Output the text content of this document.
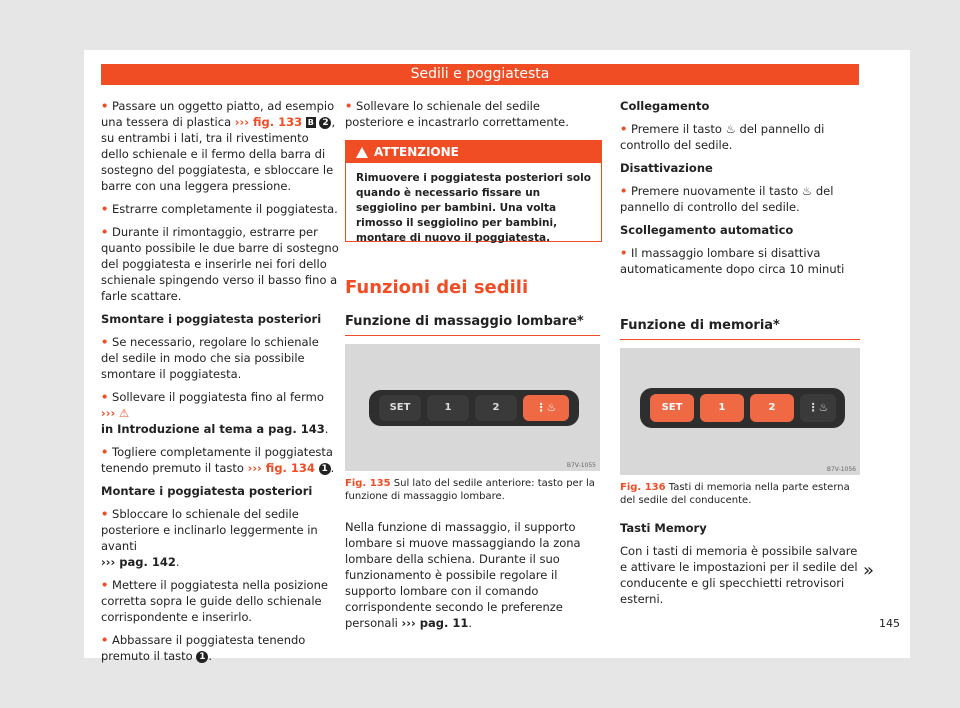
Sedili e poggiatesta

• Passare un oggetto piatto, ad esempio una tessera di plastica ››› fig. 133 B 2 , su entrambi i lati, tra il rivestimento dello schienale e il fermo della barra di sostegno del poggiatesta, e sbloccare le barre con una leggera pressione.

• Estrarre completamente il poggiatesta.

• Durante il rimontaggio, estrarre per quanto possibile le due barre di sostegno del poggiatesta e inserirle nei fori dello schienale spingendo verso il basso fino a farle scattare.

Smontare i poggiatesta posteriori

• Se necessario, regolare lo schienale del sedile in modo che sia possibile smontare il poggiatesta.

• Sollevare il poggiatesta fino al fermo ››› ⚠
in Introduzione al tema a pag. 143.

• Togliere completamente il poggiatesta tenendo premuto il tasto ››› fig. 134 1 .

Montare i poggiatesta posteriori

• Sbloccare lo schienale del sedile posteriore e inclinarlo leggermente in avanti
››› pag. 142.

• Mettere il poggiatesta nella posizione corretta sopra le guide dello schienale corrispondente e inserirlo.

• Abbassare il poggiatesta tenendo premuto il tasto 1 .

• Sollevare lo schienale del sedile posteriore e incastrarlo correttamente.

ATTENZIONE
Rimuovere i poggiatesta posteriori solo quando è necessario fissare un seggiolino per bambini. Una volta rimosso il seggiolino per bambini, montare di nuovo il poggiatesta.
Funzioni dei sedili
Funzione di massaggio lombare*
SET	1	2	⋮♨
B7V-1055
Fig. 135 Sul lato del sedile anteriore: tasto per la funzione di massaggio lombare.

Nella funzione di massaggio, il supporto lombare si muove massaggiando la zona lombare della schiena. Durante il suo funzionamento è possibile regolare il supporto lombare con il comando corrispondente secondo le preferenze personali ››› pag. 11.

Collegamento

• Premere il tasto ♨ del pannello di controllo del sedile.

Disattivazione

• Premere nuovamente il tasto ♨ del pannello di controllo del sedile.

Scollegamento automatico

• Il massaggio lombare si disattiva automaticamente dopo circa 10 minuti

Funzione di memoria*
SET	1	2	⋮♨
B7V-1056
Fig. 136 Tasti di memoria nella parte esterna del sedile del conducente.

Tasti Memory

Con i tasti di memoria è possibile salvare e attivare le impostazioni per il sedile del conducente e gli specchietti retrovisori esterni.

»
145
